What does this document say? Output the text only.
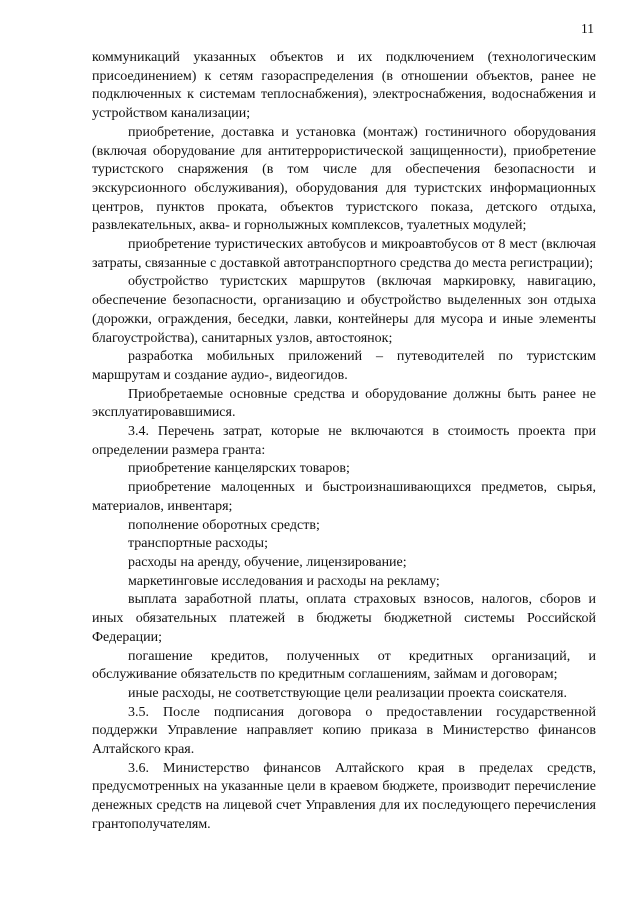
11

коммуникаций указанных объектов и их подключением (технологическим присоединением) к сетям газораспределения (в отношении объектов, ранее не подключенных к системам теплоснабжения), электроснабжения, водоснабжения и устройством канализации;

приобретение, доставка и установка (монтаж) гостиничного оборудования (включая оборудование для антитеррористической защищенности), приобретение туристского снаряжения (в том числе для обеспечения безопасности и экскурсионного обслуживания), оборудования для туристских информационных центров, пунктов проката, объектов туристского показа, детского отдыха, развлекательных, аква- и горнолыжных комплексов, туалетных модулей;

приобретение туристических автобусов и микроавтобусов от 8 мест (включая затраты, связанные с доставкой автотранспортного средства до места регистрации);

обустройство туристских маршрутов (включая маркировку, навигацию, обеспечение безопасности, организацию и обустройство выделенных зон отдыха (дорожки, ограждения, беседки, лавки, контейнеры для мусора и иные элементы благоустройства), санитарных узлов, автостоянок;

разработка мобильных приложений – путеводителей по туристским маршрутам и создание аудио-, видеогидов.

Приобретаемые основные средства и оборудование должны быть ранее не эксплуатировавшимися.

3.4. Перечень затрат, которые не включаются в стоимость проекта при определении размера гранта:

приобретение канцелярских товаров;

приобретение малоценных и быстроизнашивающихся предметов, сырья, материалов, инвентаря;

пополнение оборотных средств;

транспортные расходы;

расходы на аренду, обучение, лицензирование;

маркетинговые исследования и расходы на рекламу;

выплата заработной платы, оплата страховых взносов, налогов, сборов и иных обязательных платежей в бюджеты бюджетной системы Российской Федерации;

погашение кредитов, полученных от кредитных организаций, и обслуживание обязательств по кредитным соглашениям, займам и договорам;

иные расходы, не соответствующие цели реализации проекта соискателя.

3.5. После подписания договора о предоставлении государственной поддержки Управление направляет копию приказа в Министерство финансов Алтайского края.

3.6. Министерство финансов Алтайского края в пределах средств, предусмотренных на указанные цели в краевом бюджете, производит перечисление денежных средств на лицевой счет Управления для их последующего перечисления грантополучателям.
